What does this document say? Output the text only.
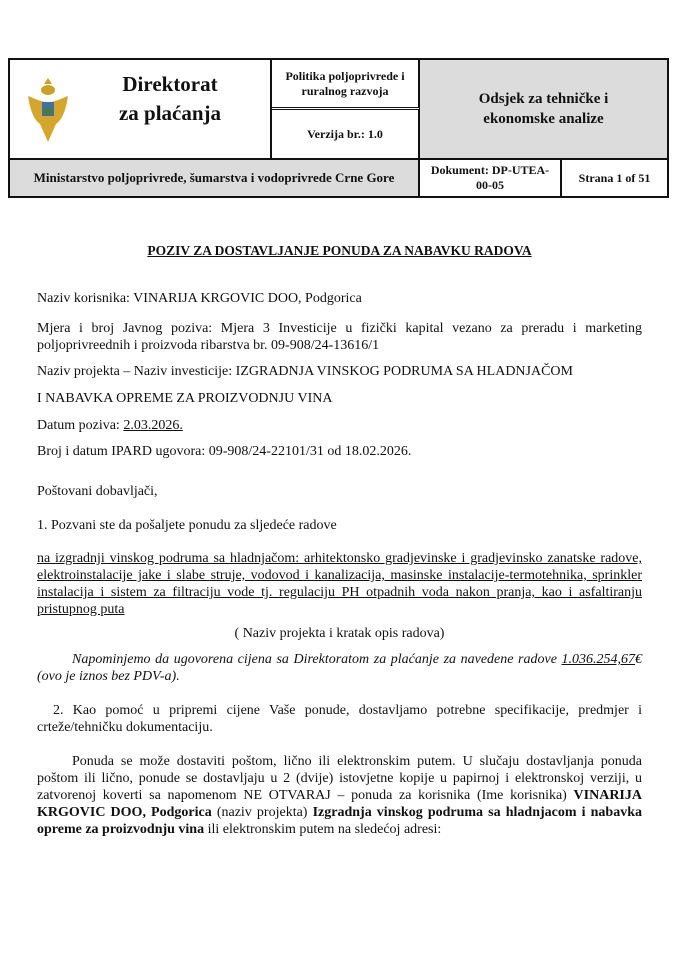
Direktorat za plaćanja
Politika poljoprivrede i ruralnog razvoja
Verzija br.: 1.0
Odsjek za tehničke i ekonomske analize
Ministarstvo poljoprivrede, šumarstva i vodoprivrede Crne Gore	Dokument: DP-UTEA-00-05
Strana 1 of 51
POZIV ZA DOSTAVLJANJE PONUDA ZA NABAVKU RADOVA
Naziv korisnika: VINARIJA KRGOVIC DOO, Podgorica
Mjera i broj Javnog poziva: Mjera 3 Investicije u fizički kapital vezano za preradu i marketing poljoprivreednih i proizvoda ribarstva br. 09-908/24-13616/1
Naziv projekta – Naziv investicije: IZGRADNJA VINSKOG PODRUMA SA HLADNJAČOM
I NABAVKA OPREME ZA PROIZVODNJU VINA
Datum poziva: 2.03.2026.
Broj i datum IPARD ugovora: 09-908/24-22101/31 od 18.02.2026.
Poštovani dobavljači,
1. Pozvani ste da pošaljete ponudu za sljedeće radove
na izgradnji vinskog podruma sa hladnjačom: arhitektonsko gradjevinske i gradjevinsko zanatske radove, elektroinstalacije jake i slabe struje, vodovod i kanalizacija, masinske instalacije-termotehnika, sprinkler instalacija i sistem za filtraciju vode tj. regulaciju PH otpadnih voda nakon pranja, kao i asfaltiranju pristupnog puta
( Naziv projekta i kratak opis radova)
Napominjemo da ugovorena cijena sa Direktoratom za plaćanje za navedene radove 1.036.254,67€ (ovo je iznos bez PDV-a).
2. Kao pomoć u pripremi cijene Vaše ponude, dostavljamo potrebne specifikacije, predmjer i crteže/tehničku dokumentaciju.
Ponuda se može dostaviti poštom, lično ili elektronskim putem. U slučaju dostavljanja ponuda poštom ili lično, ponude se dostavljaju u 2 (dvije) istovjetne kopije u papirnoj i elektronskoj verziji, u zatvorenoj koverti sa napomenom NE OTVARAJ – ponuda za korisnika (Ime korisnika) VINARIJA KRGOVIC DOO, Podgorica (naziv projekta) Izgradnja vinskog podruma sa hladnjacom i nabavka opreme za proizvodnju vina ili elektronskim putem na sledećoj adresi:
